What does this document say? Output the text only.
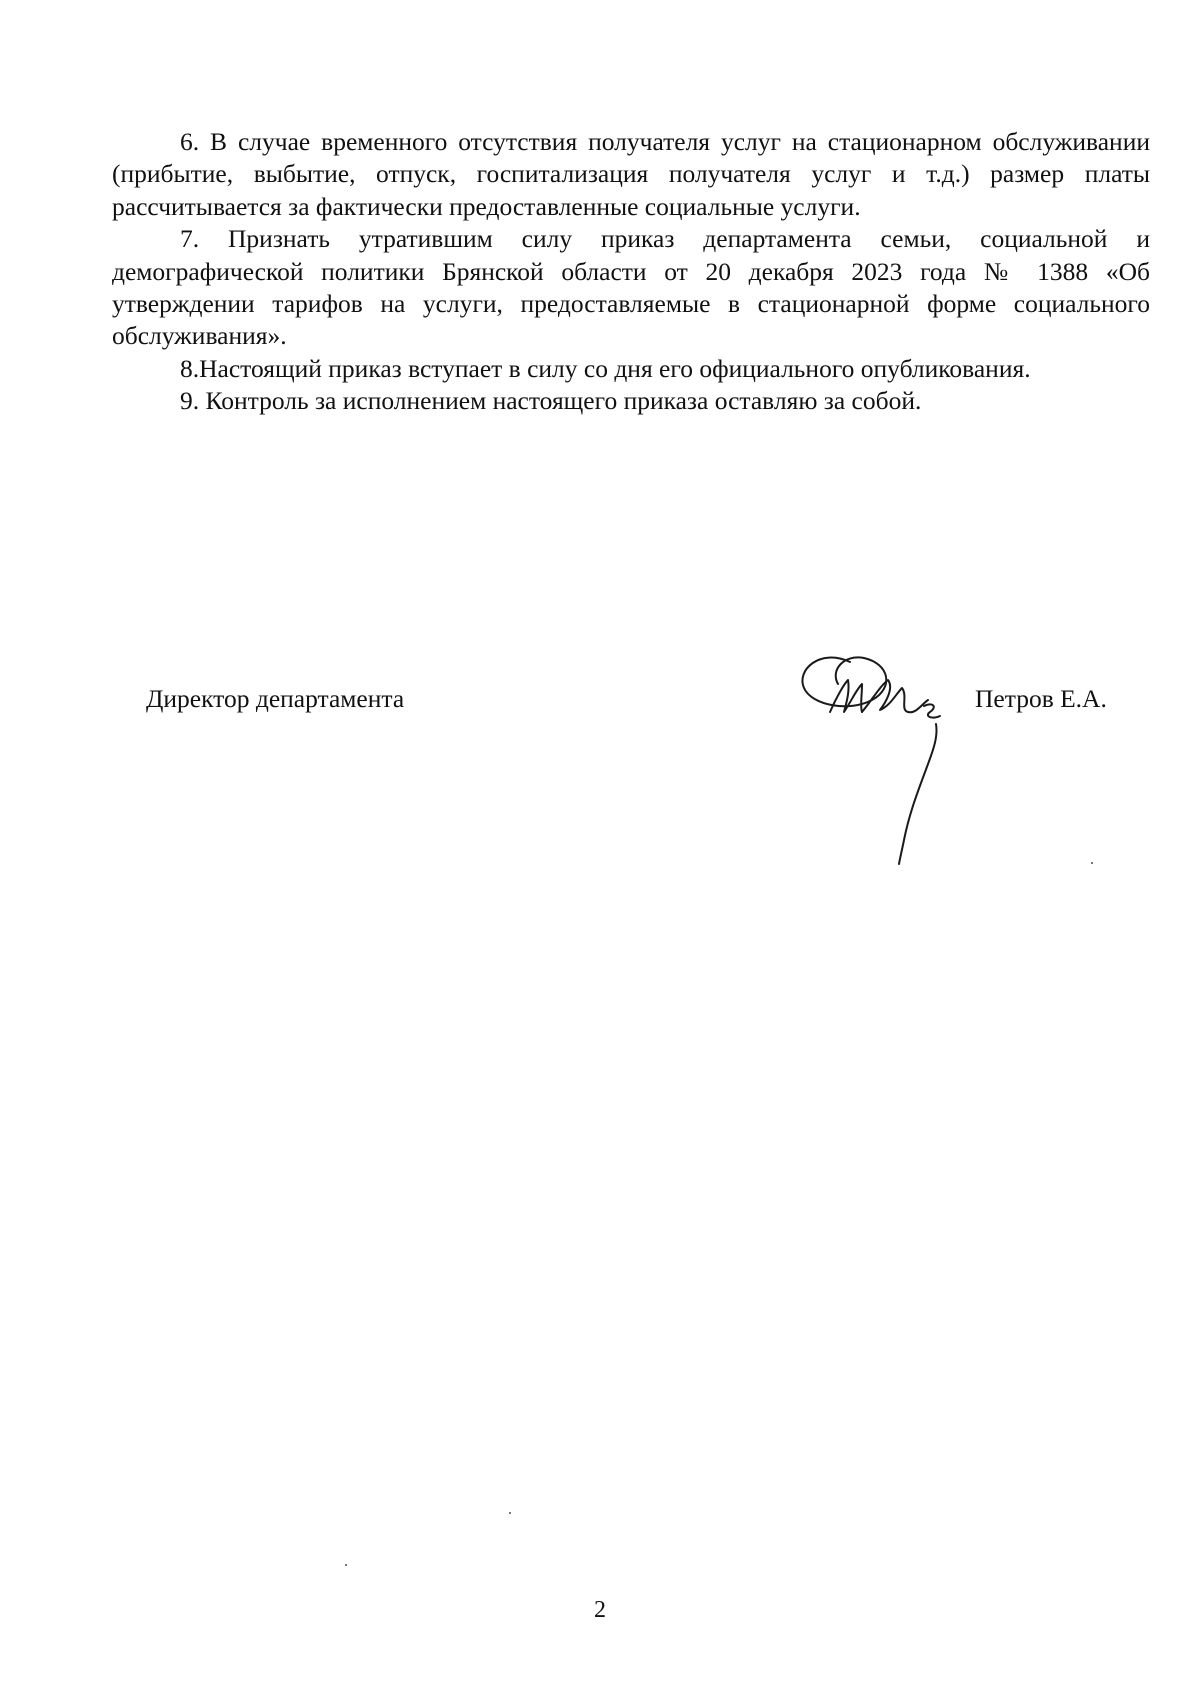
6. В случае временного отсутствия получателя услуг на стационарном обслуживании (прибытие, выбытие, отпуск, госпитализация получателя услуг и т.д.) размер платы рассчитывается за фактически предоставленные социальные услуги.

7. Признать утратившим силу приказ департамента семьи, социальной и демографической политики Брянской области от 20 декабря 2023 года № 1388 «Об утверждении тарифов на услуги, предоставляемые в стационарной форме социального обслуживания».

8.Настоящий приказ вступает в силу со дня его официального опубликования.

9. Контроль за исполнением настоящего приказа оставляю за собой.

Директор департамента	Петров Е.А.
2
